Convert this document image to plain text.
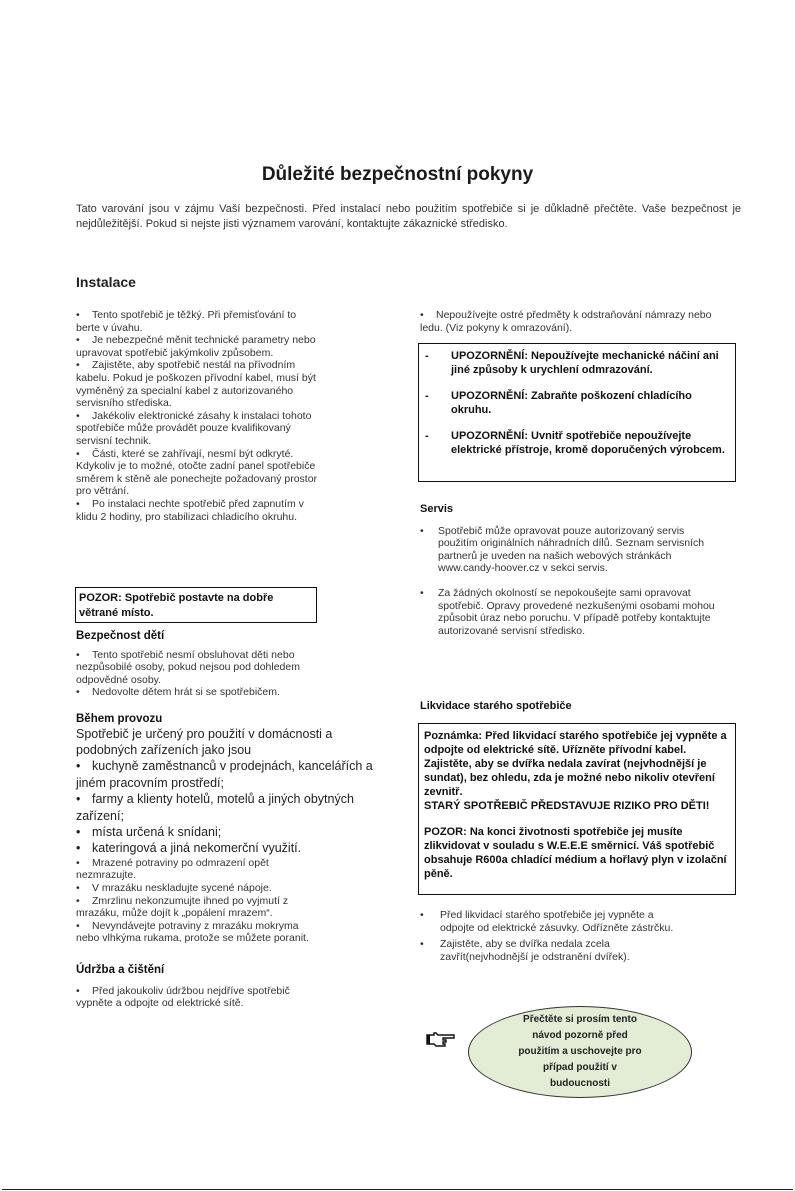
Důležité bezpečnostní pokyny
Tato varování jsou v zájmu Vaší bezpečnosti. Před instalací nebo použitím spotřebiče si je důkladně přečtěte. Vaše bezpečnost je nejdůležitější. Pokud si nejste jisti významem varování, kontaktujte zákaznické středisko.
Instalace
• Tento spotřebič je těžký. Při přemisťování to berte v úvahu.
• Je nebezpečné měnit technické parametry nebo upravovat spotřebič jakýmkoliv způsobem.
• Zajistěte, aby spotřebič nestál na přívodním kabelu. Pokud je poškozen přívodní kabel, musí být vyměněný za specialní kabel z autorizovaného servisního střediska.
• Jakékoliv elektronické zásahy k instalaci tohoto spotřebiče může provádět pouze kvalifikovaný servisní technik.
• Části, které se zahřívají, nesmí být odkryté. Kdykoliv je to možné, otočte zadní panel spotřebiče směrem k stěně ale ponechejte požadovaný prostor pro větrání.
• Po instalaci nechte spotřebič před zapnutím v klidu 2 hodiny, pro stabilizaci chladicího okruhu.
POZOR: Spotřebič postavte na dobře větrané místo.
Bezpečnost dětí
• Tento spotřebič nesmí obsluhovat děti nebo nezpůsobilé osoby, pokud nejsou pod dohledem odpovědné osoby.
• Nedovolte dětem hrát si se spotřebičem.
Během provozu
Spotřebič je určený pro použití v domácnosti a podobných zařízeních jako jsou
• kuchyně zaměstnanců v prodejnách, kancelářích a jiném pracovním prostředí;
• farmy a klienty hotelů, motelů a jiných obytných zařízení;
• místa určená k snídani;
• kateringová a jiná nekomerční využití.
• Mrazené potraviny po odmrazení opět nezmrazujte.
• V mrazáku neskladujte sycené nápoje.
• Zmrzlinu nekonzumujte ihned po vyjmutí z mrazáku, může dojít k „popálení mrazem“.
• Nevyndávejte potraviny z mrazáku mokryma nebo vlhkýma rukama, protože se můžete poranit.
Údržba a čištění
• Před jakoukoliv údržbou nejdříve spotřebič vypněte a odpojte od elektrické sítě.
• Nepoužívejte ostré předměty k odstraňování námrazy nebo ledu. (Viz pokyny k omrazování).
-	UPOZORNĚNÍ: Nepoužívejte mechanické náčiní ani jiné způsoby k urychlení odmrazování.
-	UPOZORNĚNÍ: Zabraňte poškození chladícího okruhu.
-	UPOZORNĚNÍ: Uvnitř spotřebiče nepoužívejte elektrické přístroje, kromě doporučených výrobcem.
Servis
• Spotřebič může opravovat pouze autorizovaný servis použitím originálních náhradních dílů. Seznam servisních partnerů je uveden na našich webových stránkách www.candy-hoover.cz v sekci servis.
• Za žádných okolností se nepokoušejte sami opravovat spotřebič. Opravy provedené nezkušenými osobami mohou způsobit úraz nebo poruchu. V případě potřeby kontaktujte autorizované servisní středisko.
Likvidace starého spotřebiče
Poznámka: Před likvidací starého spotřebiče jej vypněte a odpojte od elektrické sítě. Uřízněte přívodní kabel. Zajistěte, aby se dvířka nedala zavírat (nejvhodnější je sundat), bez ohledu, zda je možné nebo nikoliv otevření zevnitř.
STARÝ SPOTŘEBIČ PŘEDSTAVUJE RIZIKO PRO DĚTI!
POZOR: Na konci životnosti spotřebiče jej musíte zlikvidovat v souladu s W.E.E.E směrnicí. Váš spotřebič obsahuje R600a chladící médium a hořlavý plyn v izolační pěně.
• Před likvidací starého spotřebiče jej vypněte a odpojte od elektrické zásuvky. Odřízněte zástrčku.
• Zajistěte, aby se dvířka nedala zcela zavřít(nejvhodnější je odstranění dvířek).
Přečtěte si prosím tento návod pozorně před použitím a uschovejte pro případ použití v budoucnosti
